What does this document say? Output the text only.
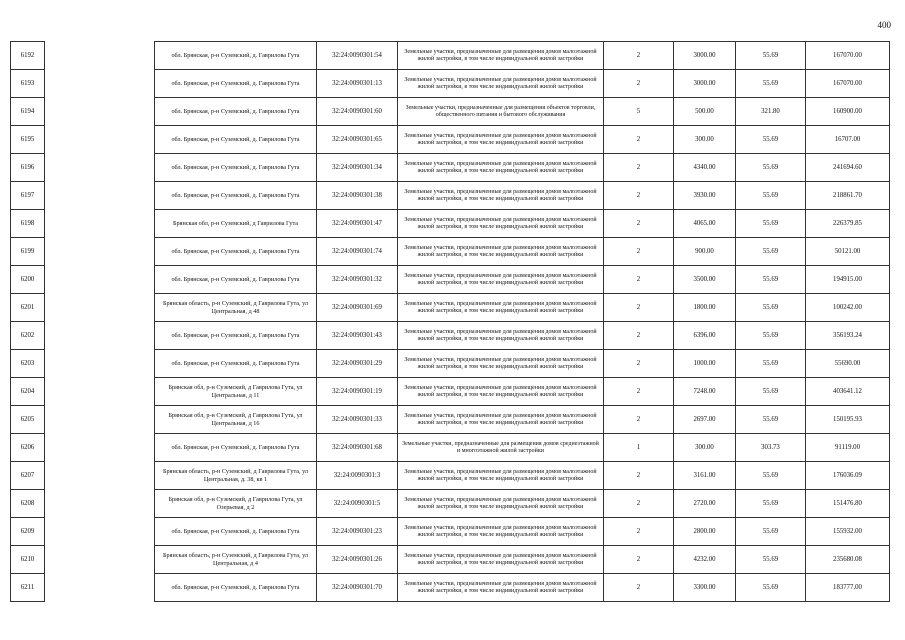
400
6192		обл. Брянская, р-н Суземский, д. Гаврилова Гута	32:24:0090301:54	Земельные участки, предназначенные для размещения домов малоэтажной жилой застройки, в том числе индивидуальной жилой застройки	2	3000.00	55.69	167070.00
6193		обл. Брянская, р-н Суземский, д. Гаврилова Гута	32:24:0090301:13	Земельные участки, предназначенные для размещения домов малоэтажной жилой застройки, в том числе индивидуальной жилой застройки	2	3000.00	55.69	167070.00
6194		обл. Брянская, р-н Суземский, д. Гаврилова Гута	32:24:0090301:60	Земельные участки, предназначенные для размещения объектов торговли, общественного питания и бытового обслуживания	5	500.00	321.80	160900.00
6195		обл. Брянская, р-н Суземский, д. Гаврилова Гута	32:24:0090301:65	Земельные участки, предназначенные для размещения домов малоэтажной жилой застройки, в том числе индивидуальной жилой застройки	2	300.00	55.69	16707.00
6196		обл. Брянская, р-н Суземский, д. Гаврилова Гута	32:24:0090301:34	Земельные участки, предназначенные для размещения домов малоэтажной жилой застройки, в том числе индивидуальной жилой застройки	2	4340.00	55.69	241694.60
6197		обл. Брянская, р-н Суземский, д. Гаврилова Гута	32:24:0090301:38	Земельные участки, предназначенные для размещения домов малоэтажной жилой застройки, в том числе индивидуальной жилой застройки	2	3930.00	55.69	218861.70
6198		Брянская обл, р-н Суземский, д Гаврилова Гута	32:24:0090301:47	Земельные участки, предназначенные для размещения домов малоэтажной жилой застройки, в том числе индивидуальной жилой застройки	2	4065.00	55.69	226379.85
6199		обл. Брянская, р-н Суземский, д. Гаврилова Гута	32:24:0090301:74	Земельные участки, предназначенные для размещения домов малоэтажной жилой застройки, в том числе индивидуальной жилой застройки	2	900.00	55.69	50121.00
6200		обл. Брянская, р-н Суземский, д. Гаврилова Гута	32:24:0090301:32	Земельные участки, предназначенные для размещения домов малоэтажной жилой застройки, в том числе индивидуальной жилой застройки	2	3500.00	55.69	194915.00
6201		Брянская область, р-н Суземский, д Гаврилова Гута, ул Центральная, д 48	32:24:0090301:69	Земельные участки, предназначенные для размещения домов малоэтажной жилой застройки, в том числе индивидуальной жилой застройки	2	1800.00	55.69	100242.00
6202		обл. Брянская, р-н Суземский, д. Гаврилова Гута	32:24:0090301:43	Земельные участки, предназначенные для размещения домов малоэтажной жилой застройки, в том числе индивидуальной жилой застройки	2	6396.00	55.69	356193.24
6203		обл. Брянская, р-н Суземский, д. Гаврилова Гута	32:24:0090301:29	Земельные участки, предназначенные для размещения домов малоэтажной жилой застройки, в том числе индивидуальной жилой застройки	2	1000.00	55.69	55690.00
6204		Брянская обл, р-н Суземский, д Гаврилова Гута, ул Центральная, д 11	32:24:0090301:19	Земельные участки, предназначенные для размещения домов малоэтажной жилой застройки, в том числе индивидуальной жилой застройки	2	7248.00	55.69	403641.12
6205		Брянская обл, р-н Суземский, д Гаврилова Гута, ул Центральная, д 16	32:24:0090301:33	Земельные участки, предназначенные для размещения домов малоэтажной жилой застройки, в том числе индивидуальной жилой застройки	2	2697.00	55.69	150195.93
6206		обл. Брянская, р-н Суземский, д. Гаврилова Гута	32:24:0090301:68	Земельные участки, предназначенные для размещения домов среднеэтажной и многоэтажной жилой застройки	1	300.00	303.73	91119.00
6207		Брянская область, р-н Суземский, д Гаврилова Гута, ул Центральная, д. 38, кв 1	32:24:0090301:3	Земельные участки, предназначенные для размещения домов малоэтажной жилой застройки, в том числе индивидуальной жилой застройки	2	3161.00	55.69	176036.09
6208		Брянская обл, р-н Суземский, д Гаврилова Гута, ул Озерьевая, д 2	32:24:0090301:5	Земельные участки, предназначенные для размещения домов малоэтажной жилой застройки, в том числе индивидуальной жилой застройки	2	2720.00	55.69	151476.80
6209		обл. Брянская, р-н Суземский, д. Гаврилова Гута	32:24:0090301:23	Земельные участки, предназначенные для размещения домов малоэтажной жилой застройки, в том числе индивидуальной жилой застройки	2	2800.00	55.69	155932.00
6210		Брянская область, р-н Суземский, д Гаврилова Гута, ул Центральная, д 4	32:24:0090301:26	Земельные участки, предназначенные для размещения домов малоэтажной жилой застройки, в том числе индивидуальной жилой застройки	2	4232.00	55.69	235680.08
6211		обл. Брянская, р-н Суземский, д. Гаврилова Гута	32:24:0090301:70	Земельные участки, предназначенные для размещения домов малоэтажной жилой застройки, в том числе индивидуальной жилой застройки	2	3300.00	55.69	183777.00
